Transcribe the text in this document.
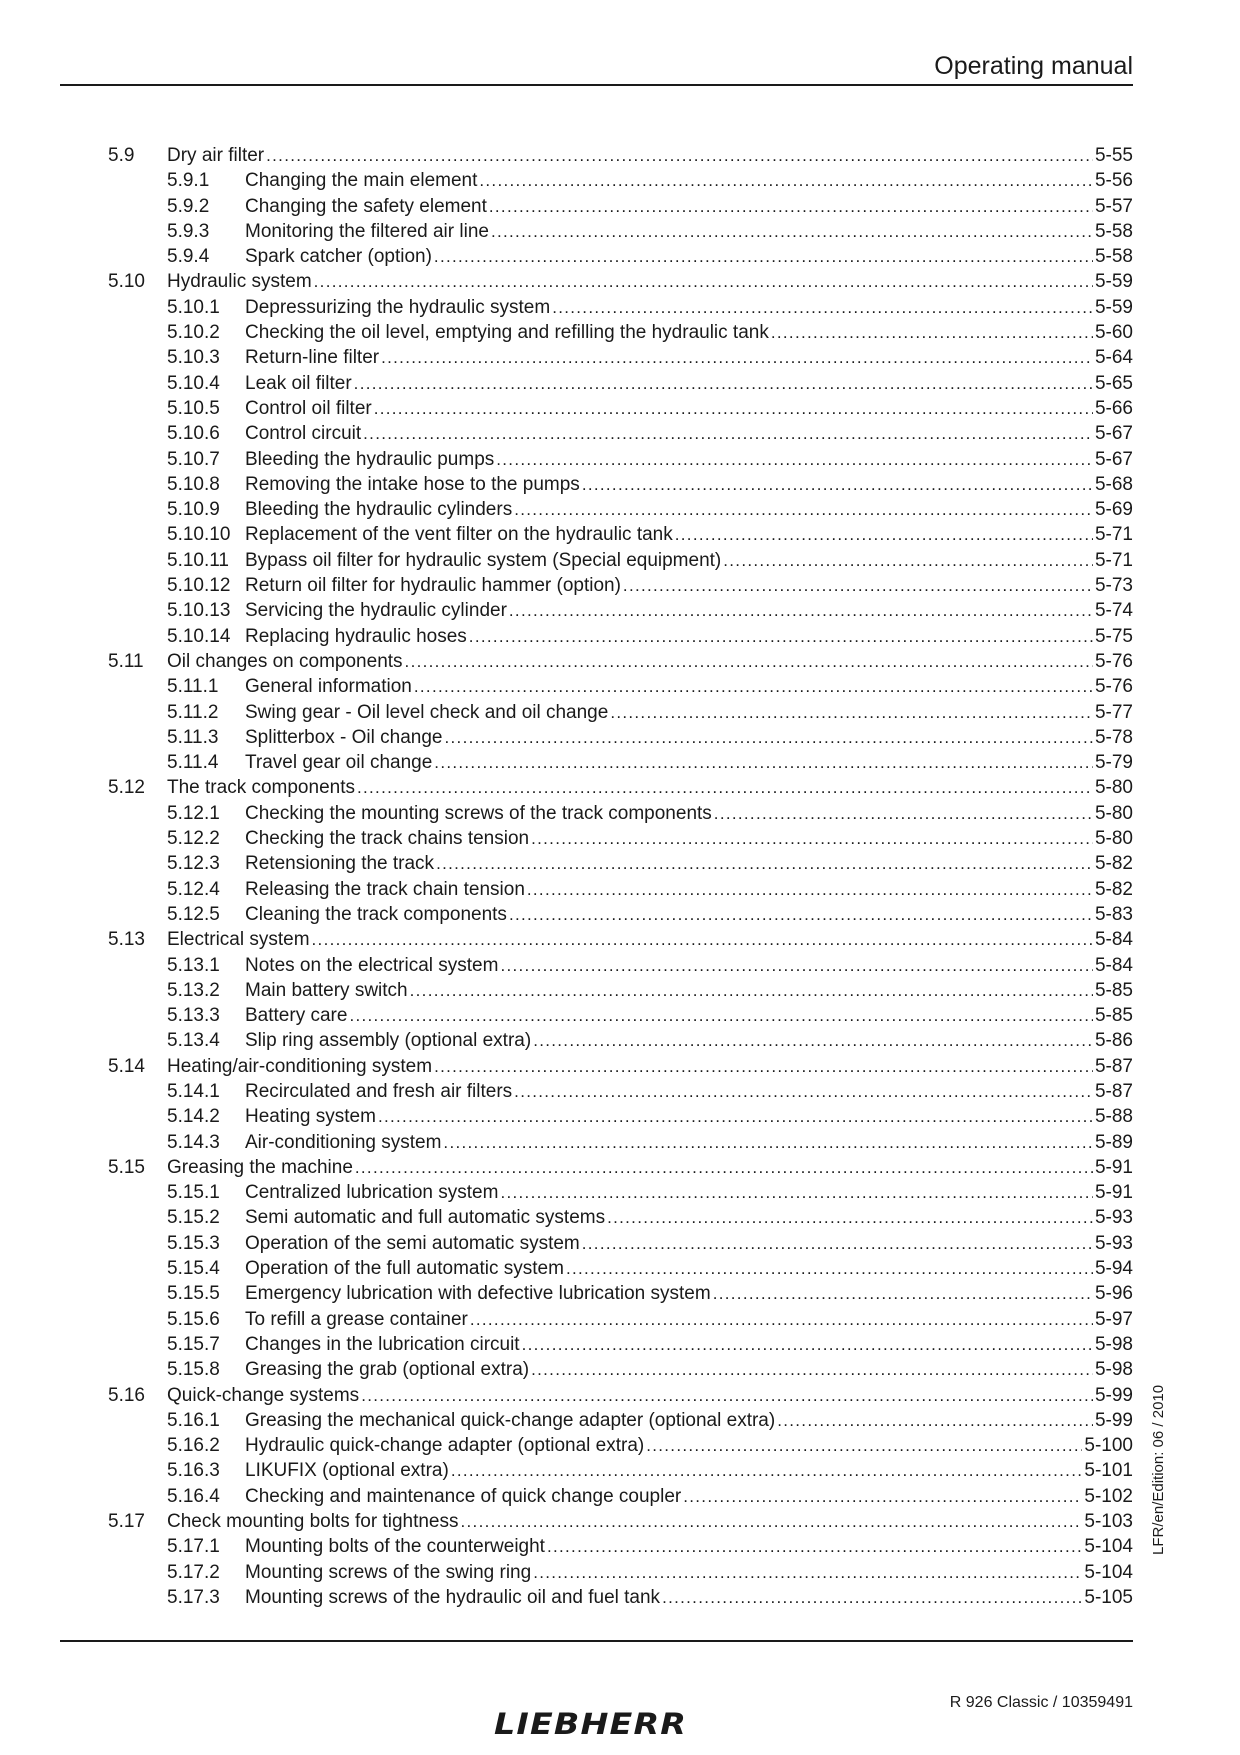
Operating manual
5.9	Dry air filter .....	5-55
5.9.1	Changing the main element .....	5-56
5.9.2	Changing the safety element .....	5-57
5.9.3	Monitoring the filtered air line .....	5-58
5.9.4	Spark catcher (option) .....	5-58
5.10	Hydraulic system .....	5-59
5.10.1	Depressurizing the hydraulic system .....	5-59
5.10.2	Checking the oil level, emptying and refilling the hydraulic tank .....	5-60
5.10.3	Return-line filter .....	5-64
5.10.4	Leak oil filter .....	5-65
5.10.5	Control oil filter .....	5-66
5.10.6	Control circuit .....	5-67
5.10.7	Bleeding the hydraulic pumps .....	5-67
5.10.8	Removing the intake hose to the pumps .....	5-68
5.10.9	Bleeding the hydraulic cylinders .....	5-69
5.10.10 Replacement of the vent filter on the hydraulic tank .....	5-71
5.10.11 Bypass oil filter for hydraulic system (Special equipment) .....	5-71
5.10.12 Return oil filter for hydraulic hammer (option) .....	5-73
5.10.13 Servicing the hydraulic cylinder .....	5-74
5.10.14 Replacing hydraulic hoses .....	5-75
5.11	Oil changes on components .....	5-76
5.11.1	General information .....	5-76
5.11.2	Swing gear - Oil level check and oil change .....	5-77
5.11.3	Splitterbox - Oil change .....	5-78
5.11.4	Travel gear oil change .....	5-79
5.12	The track components .....	5-80
5.12.1	Checking the mounting screws of the track components .....	5-80
5.12.2	Checking the track chains tension .....	5-80
5.12.3	Retensioning the track .....	5-82
5.12.4	Releasing the track chain tension .....	5-82
5.12.5	Cleaning the track components .....	5-83
5.13	Electrical system .....	5-84
5.13.1	Notes on the electrical system .....	5-84
5.13.2	Main battery switch .....	5-85
5.13.3	Battery care .....	5-85
5.13.4	Slip ring assembly (optional extra) .....	5-86
5.14	Heating/air-conditioning system .....	5-87
5.14.1	Recirculated and fresh air filters .....	5-87
5.14.2	Heating system .....	5-88
5.14.3	Air-conditioning system .....	5-89
5.15	Greasing the machine .....	5-91
5.15.1	Centralized lubrication system .....	5-91
5.15.2	Semi automatic and full automatic systems .....	5-93
5.15.3	Operation of the semi automatic system .....	5-93
5.15.4	Operation of the full automatic system .....	5-94
5.15.5	Emergency lubrication with defective lubrication system .....	5-96
5.15.6	To refill a grease container .....	5-97
5.15.7	Changes in the lubrication circuit .....	5-98
5.15.8	Greasing the grab (optional extra) .....	5-98
5.16	Quick-change systems .....	5-99
5.16.1	Greasing the mechanical quick-change adapter (optional extra) .....	5-99
5.16.2	Hydraulic quick-change adapter (optional extra) .....	5-100
5.16.3	LIKUFIX (optional extra) .....	5-101
5.16.4	Checking and maintenance of quick change coupler .....	5-102
5.17	Check mounting bolts for tightness .....	5-103
5.17.1	Mounting bolts of the counterweight .....	5-104
5.17.2	Mounting screws of the swing ring .....	5-104
5.17.3	Mounting screws of the hydraulic oil and fuel tank .....	5-105
LFR/en/Edition: 06 / 2010
R 926 Classic / 10359491
LIEBHERR
